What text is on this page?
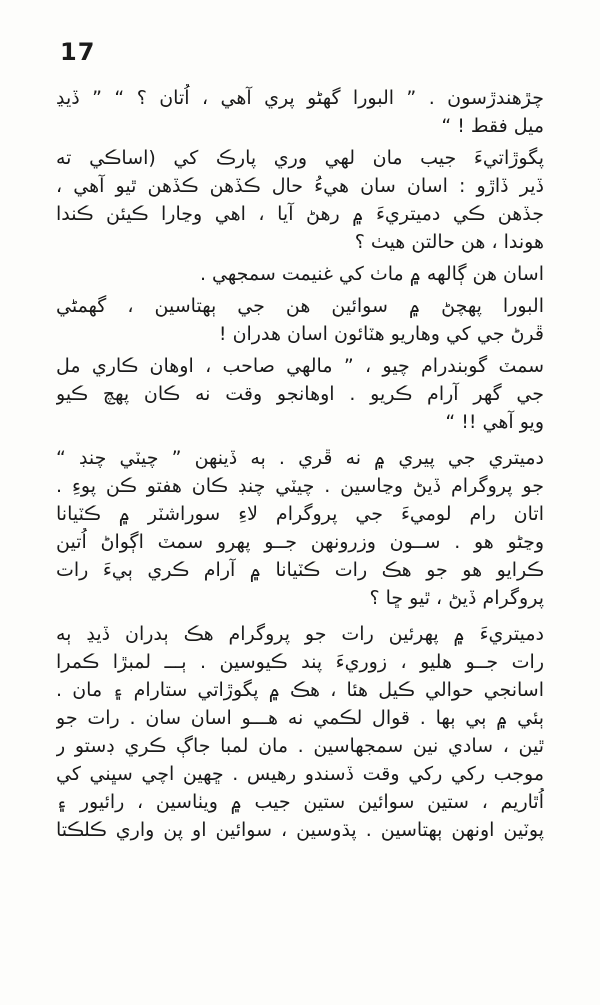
17
چڙهندڙسون . ” البورا گهڻو پري آهي ، اُتان ؟ “ ” ڏيڍ
ميل فقط ! “
پگوڙاتيءَ جيب مان لهي وري پارڪ کي (اساڪي ته
ڏير ڏاڙو : اسان سان هيءُ حال ڪڏهن ڪڏهن ٿيو آهي ،
جڏهن ڪي دميتريءَ ۾ رهڻ آيا ، اهي وڃارا ڪيئن ڪندا
هوندا ، هن حالتن هيٺ ؟
اسان هن ڳالهه ۾ ماٺ کي غنيمت سمجهي .
البورا پهچڻ ۾ سوائين هن جي ٻهتاسين ، گهمڻي
ڦرڻ جي کي وهاريو هٽائون اسان هدران !
سمٽ گوبندرام چيو ، ” مالهي صاحب ، اوهان ڪاري مل
جي گهر آرام ڪريو . اوهانجو وقت نه ڪان پهچ ڪيو
ويو آهي !! “
دميتري جي پيري ۾ نه ڦري . ٻه ڏينهن ” چيٽي چنڊ “
جو پروگرام ڏيڻ وڃاسين . چيٽي چنڊ ڪان هفتو ڪن پوءِ .
اتان رام لوميءَ جي پروگرام لاءِ سوراشٽر ۾ ڪٽيانا
وڃڻو هو . ســون وزرونهن جــو پهرو سمٽ اڳواڻ اُتين
ڪرايو هو جو هڪ رات ڪٽيانا ۾ آرام ڪري ٻيءَ رات
پروگرام ڏيڻ ، ٿيو ڇا ؟
دميتريءَ ۾ پهرئين رات جو پروگرام هڪ ٻدران ڏيڍ ٻه
رات جــو هليو ، زوريءَ پند ڪيوسين . ٻـــ لمبڙا ڪمرا
اسانجي حوالي ڪيل هئا ، هڪ ۾ پگوڙاتي ستارام ۽ مان .
ٻئي ۾ ٻي ٻها . قوال لڪمي نه هـــو اسان سان . رات جو
ٿين ، سادي نين سمجهاسين . مان لمبا جاڳ ڪري ڊستو ر
موجب رکي رکي وقت ڏسندو رهيس . ڇهين اچي سڀني کي
اُٿاريم ، ستين سوائين ستين جيب ۾ ويٺاسين ، رائيور ۽
پوٽين اونهن ٻهتاسين . پڌوسين ، سوائين او پن واري ڪلڪتا
